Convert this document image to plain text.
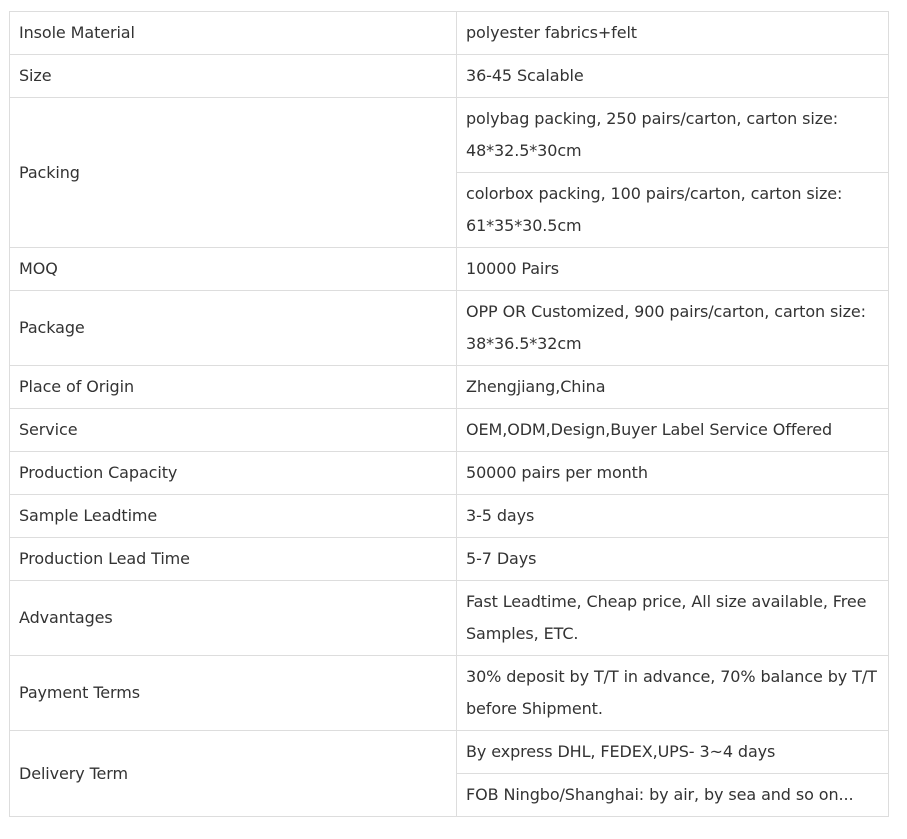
Insole Material	polyester fabrics+felt
Size	36-45 Scalable
Packing	polybag packing, 250 pairs/carton, carton size: 48*32.5*30cm
	colorbox packing, 100 pairs/carton, carton size: 61*35*30.5cm
MOQ	10000 Pairs
Package	OPP OR Customized, 900 pairs/carton, carton size: 38*36.5*32cm
Place of Origin	Zhengjiang,China
Service	OEM,ODM,Design,Buyer Label Service Offered
Production Capacity	50000 pairs per month
Sample Leadtime	3-5 days
Production Lead Time	5-7 Days
Advantages	Fast Leadtime, Cheap price, All size available, Free Samples, ETC.
Payment Terms	30% deposit by T/T in advance, 70% balance by T/T before Shipment.
Delivery Term	By express DHL, FEDEX,UPS- 3~4 days
	FOB Ningbo/Shanghai: by air, by sea and so on...
